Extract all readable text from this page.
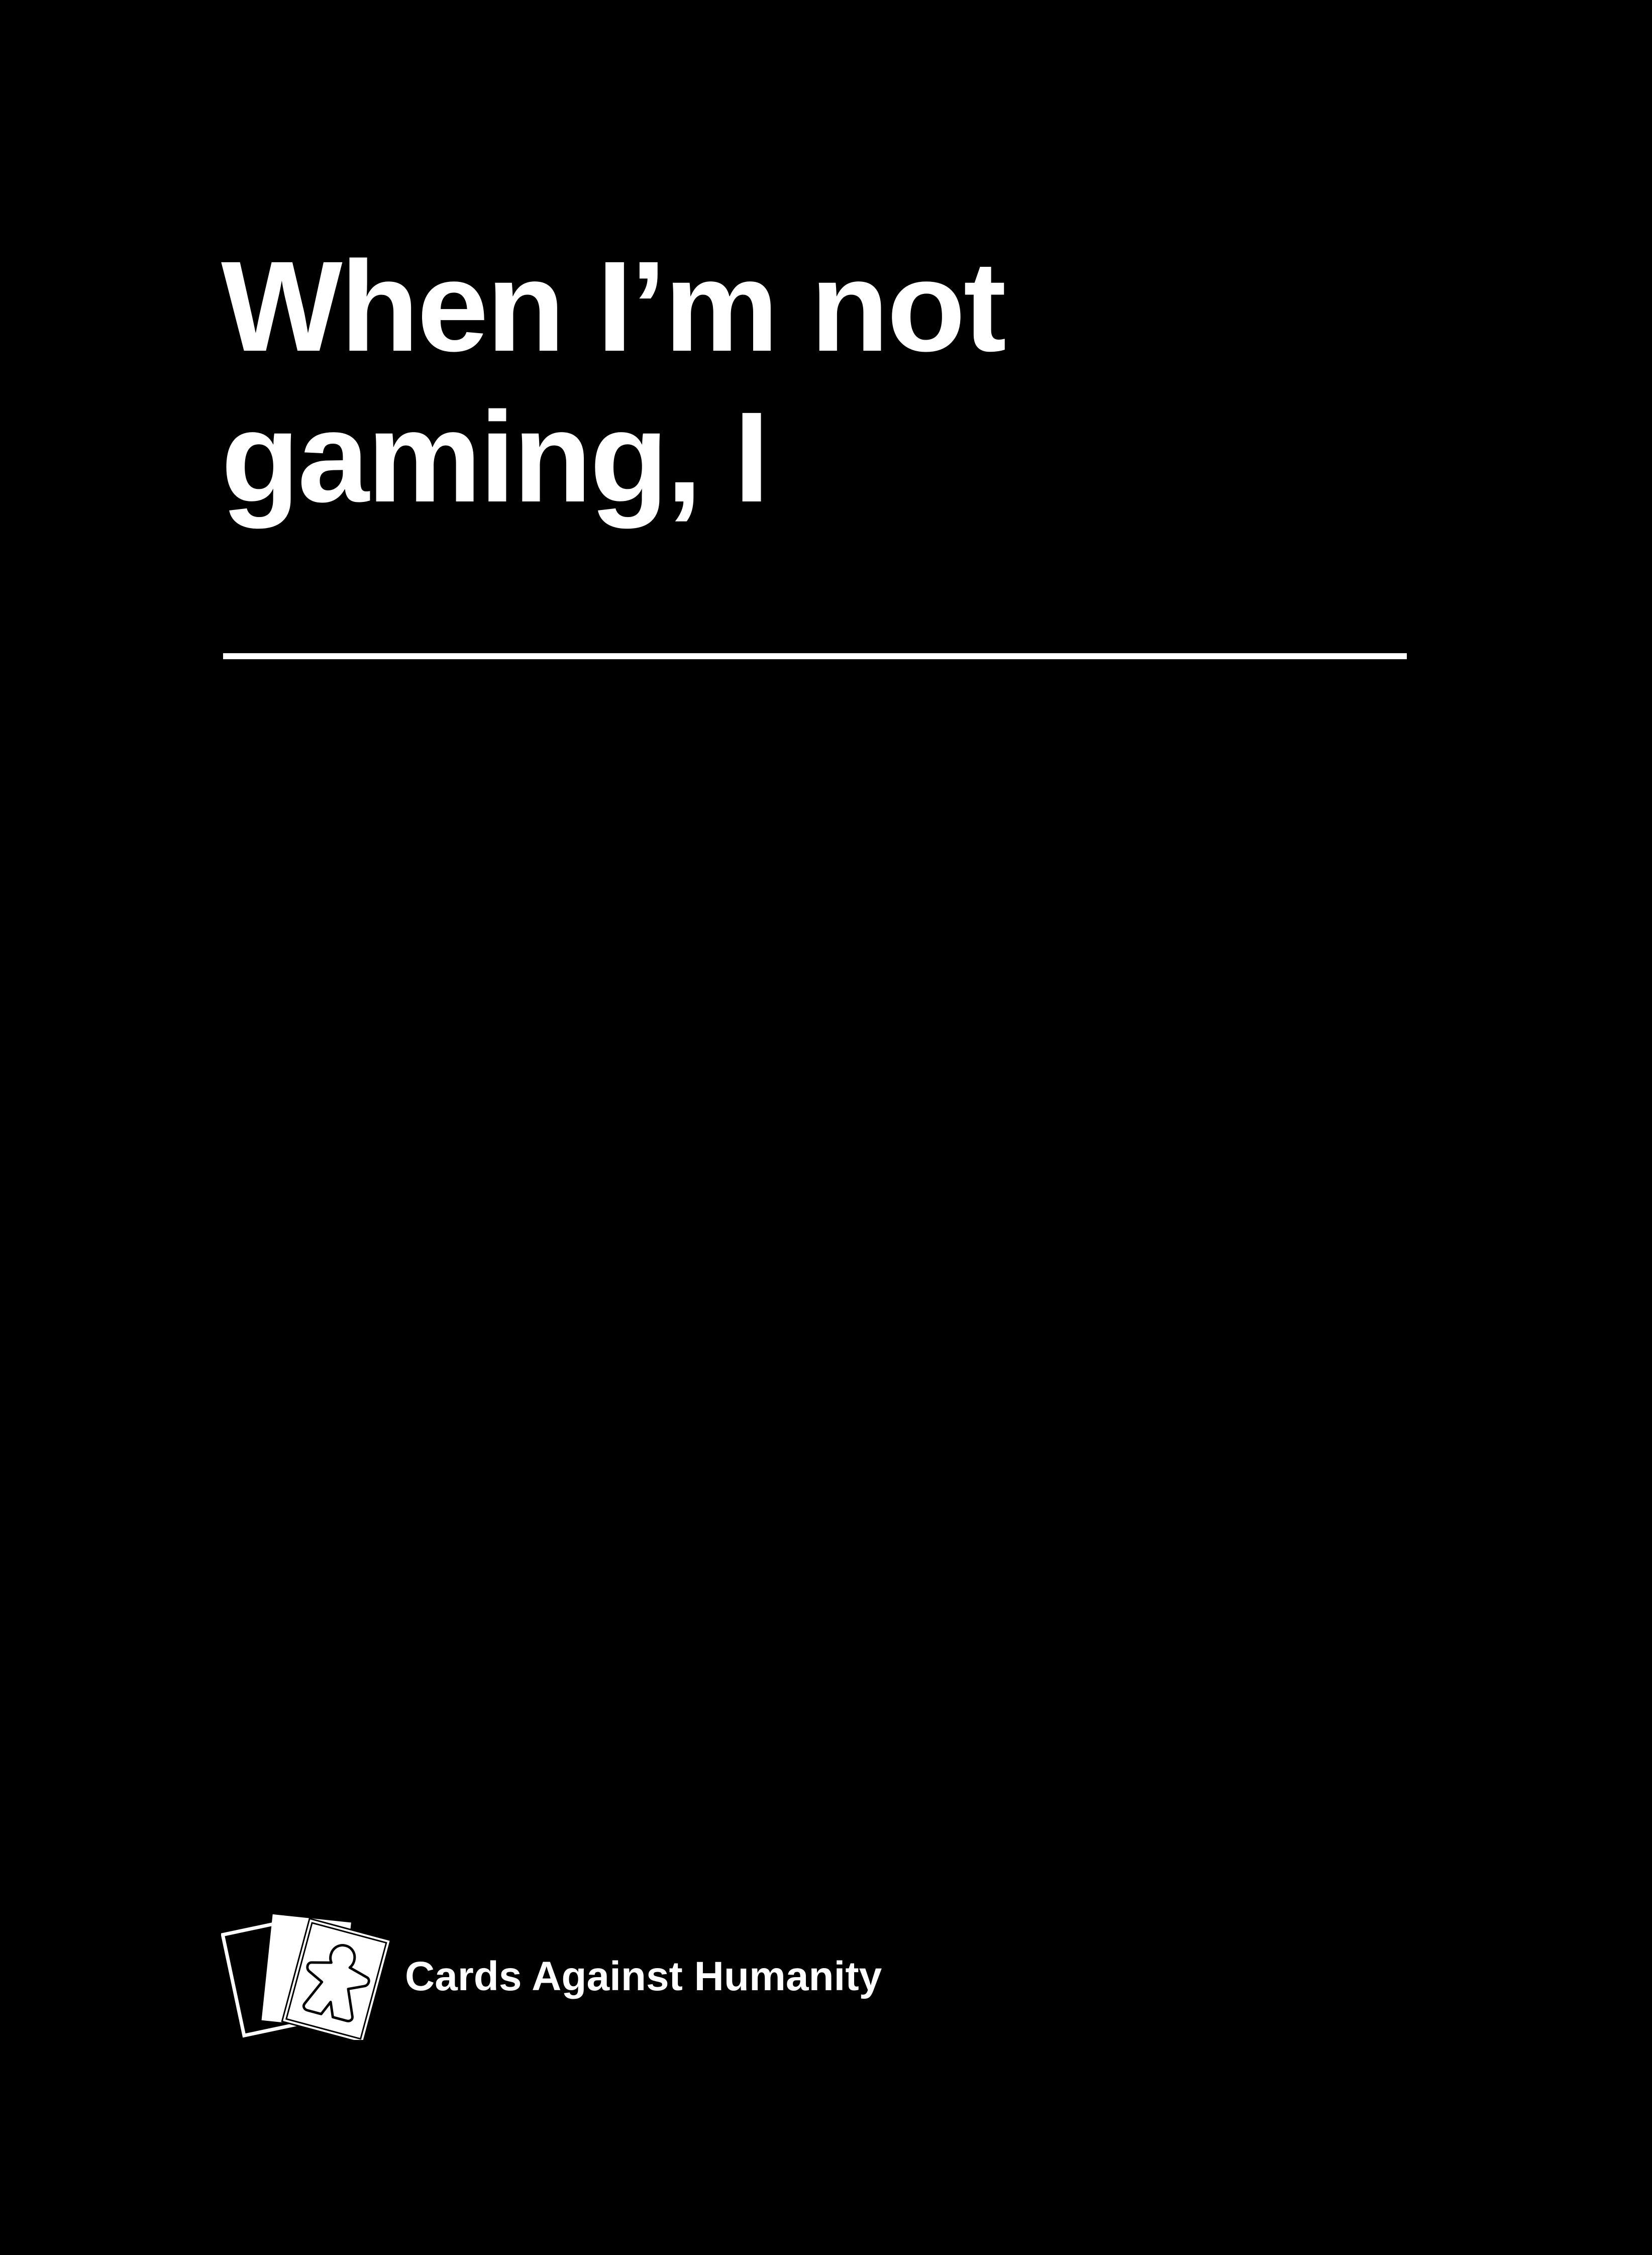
When I’m not
gaming, I
Cards Against Humanity
